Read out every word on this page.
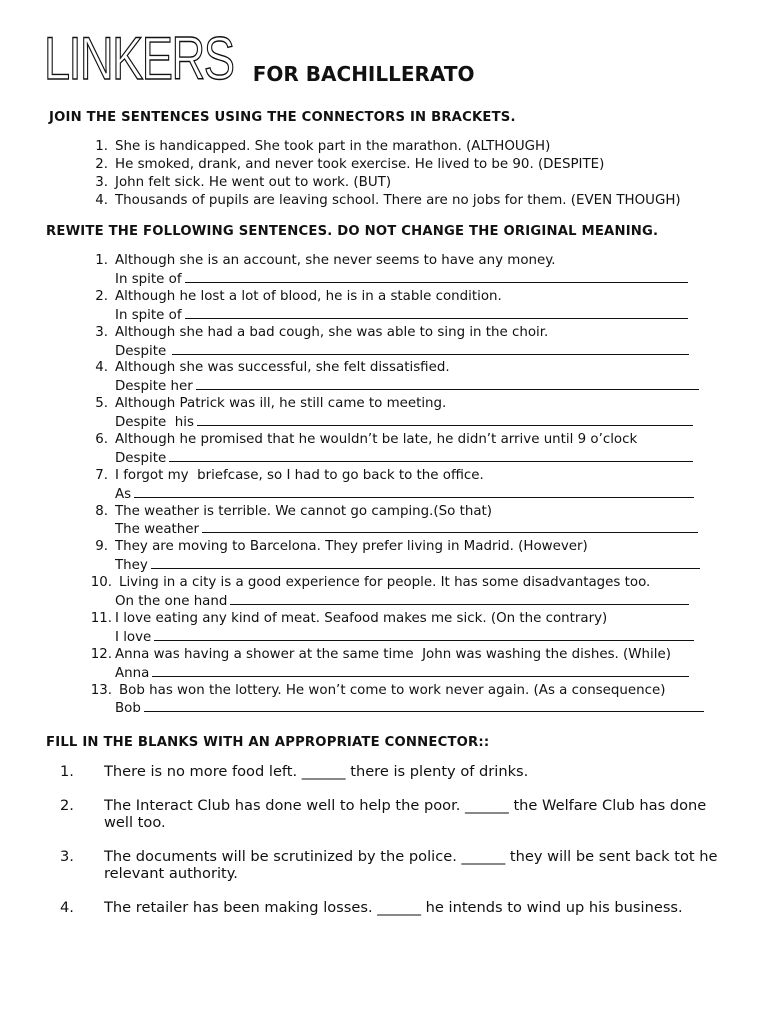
LINKERS FOR BACHILLERATO
JOIN THE SENTENCES USING THE CONNECTORS IN BRACKETS.
1. She is handicapped. She took part in the marathon. (ALTHOUGH)
2. He smoked, drank, and never took exercise. He lived to be 90. (DESPITE)
3. John felt sick. He went out to work. (BUT)
4. Thousands of pupils are leaving school. There are no jobs for them. (EVEN THOUGH)
REWITE THE FOLLOWING SENTENCES. DO NOT CHANGE THE ORIGINAL MEANING.
1. Although she is an account, she never seems to have any money.
In spite of
2. Although he lost a lot of blood, he is in a stable condition.
In spite of
3. Although she had a bad cough, she was able to sing in the choir.
Despite
4. Although she was successful, she felt dissatisfied.
Despite her
5. Although Patrick was ill, he still came to meeting.
Despite  his
6. Although he promised that he wouldn’t be late, he didn’t arrive until 9 o’clock
Despite
7. I forgot my  briefcase, so I had to go back to the office.
As
8. The weather is terrible. We cannot go camping.(So that)
The weather
9. They are moving to Barcelona. They prefer living in Madrid. (However)
They
10. Living in a city is a good experience for people. It has some disadvantages too.
On the one hand
11. I love eating any kind of meat. Seafood makes me sick. (On the contrary)
I love
12. Anna was having a shower at the same time  John was washing the dishes. (While)
Anna
13. Bob has won the lottery. He won’t come to work never again. (As a consequence)
Bob
FILL IN THE BLANKS WITH AN APPROPRIATE CONNECTOR::
1. There is no more food left. ______ there is plenty of drinks.
2. The Interact Club has done well to help the poor. ______ the Welfare Club has done well too.
3. The documents will be scrutinized by the police. ______ they will be sent back tot he relevant authority.
4. The retailer has been making losses. ______ he intends to wind up his business.
